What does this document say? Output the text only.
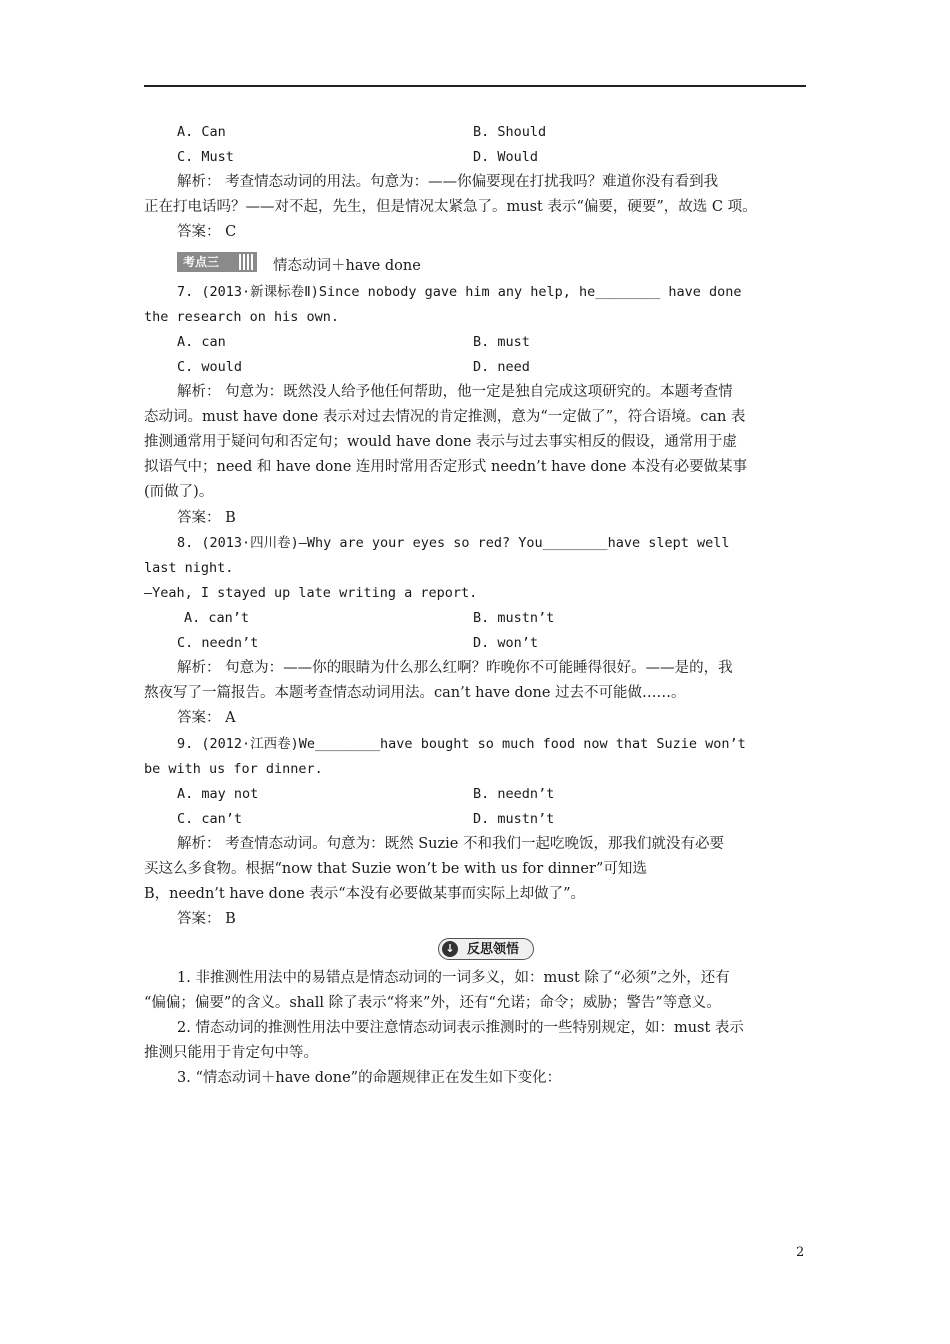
A. Can	B. Should
C. Must	D. Would
解析： 考查情态动词的用法。句意为：——你偏要现在打扰我吗？难道你没有看到我
正在打电话吗？——对不起，先生，但是情况太紧急了。must 表示“偏要，硬要”，故选 C 项。
答案： C
考点三	情态动词＋have done
7. (2013·新课标卷Ⅱ)Since nobody gave him any help, he________ have done
the research on his own.
A. can	B. must
C. would	D. need
解析： 句意为：既然没人给予他任何帮助，他一定是独自完成这项研究的。本题考查情
态动词。must have done 表示对过去情况的肯定推测，意为“一定做了”，符合语境。can 表
推测通常用于疑问句和否定句；would have done 表示与过去事实相反的假设，通常用于虚
拟语气中；need 和 have done 连用时常用否定形式 needn’t have done 本没有必要做某事
(而做了)。
答案： B
8. (2013·四川卷)—Why are your eyes so red? You________have slept well
last night.
—Yeah, I stayed up late writing a report.
A. can’t	B. mustn’t
C. needn’t	D. won’t
解析： 句意为：——你的眼睛为什么那么红啊？昨晚你不可能睡得很好。——是的，我
熬夜写了一篇报告。本题考查情态动词用法。can’t have done 过去不可能做……。
答案： A
9. (2012·江西卷)We________have bought so much food now that Suzie won’t
be with us for dinner.
A. may not	B. needn’t
C. can’t	D. mustn’t
解析： 考查情态动词。句意为：既然 Suzie 不和我们一起吃晚饭，那我们就没有必要
买这么多食物。根据“now that Suzie won’t be with us for dinner”可知选
B，needn’t have done 表示“本没有必要做某事而实际上却做了”。
答案： B
↓ 反思领悟
1. 非推测性用法中的易错点是情态动词的一词多义，如：must 除了“必须”之外，还有
“偏偏；偏要”的含义。shall 除了表示“将来”外，还有“允诺；命令；威胁；警告”等意义。
2. 情态动词的推测性用法中要注意情态动词表示推测时的一些特别规定，如：must 表示
推测只能用于肯定句中等。
3. “情态动词＋have done”的命题规律正在发生如下变化：
2
